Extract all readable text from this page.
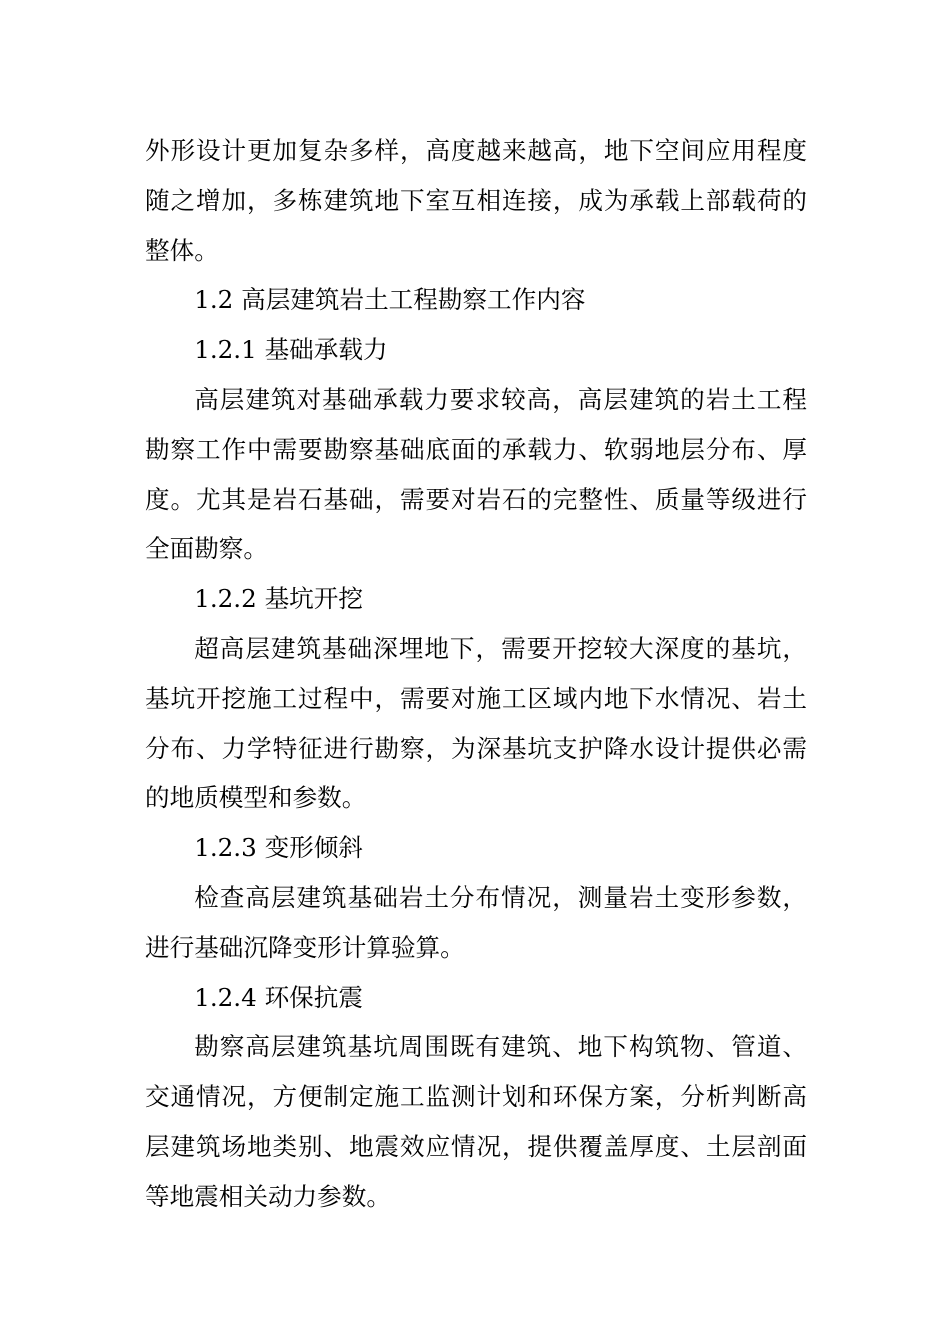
外形设计更加复杂多样，高度越来越高，地下空间应用程度随之增加，多栋建筑地下室互相连接，成为承载上部载荷的整体。

1.2 高层建筑岩土工程勘察工作内容

1.2.1 基础承载力

高层建筑对基础承载力要求较高，高层建筑的岩土工程勘察工作中需要勘察基础底面的承载力、软弱地层分布、厚度。尤其是岩石基础，需要对岩石的完整性、质量等级进行全面勘察。

1.2.2 基坑开挖

超高层建筑基础深埋地下，需要开挖较大深度的基坑，基坑开挖施工过程中，需要对施工区域内地下水情况、岩土分布、力学特征进行勘察，为深基坑支护降水设计提供必需的地质模型和参数。

1.2.3 变形倾斜

检查高层建筑基础岩土分布情况，测量岩土变形参数，进行基础沉降变形计算验算。

1.2.4 环保抗震

勘察高层建筑基坑周围既有建筑、地下构筑物、管道、交通情况，方便制定施工监测计划和环保方案，分析判断高层建筑场地类别、地震效应情况，提供覆盖厚度、土层剖面等地震相关动力参数。
